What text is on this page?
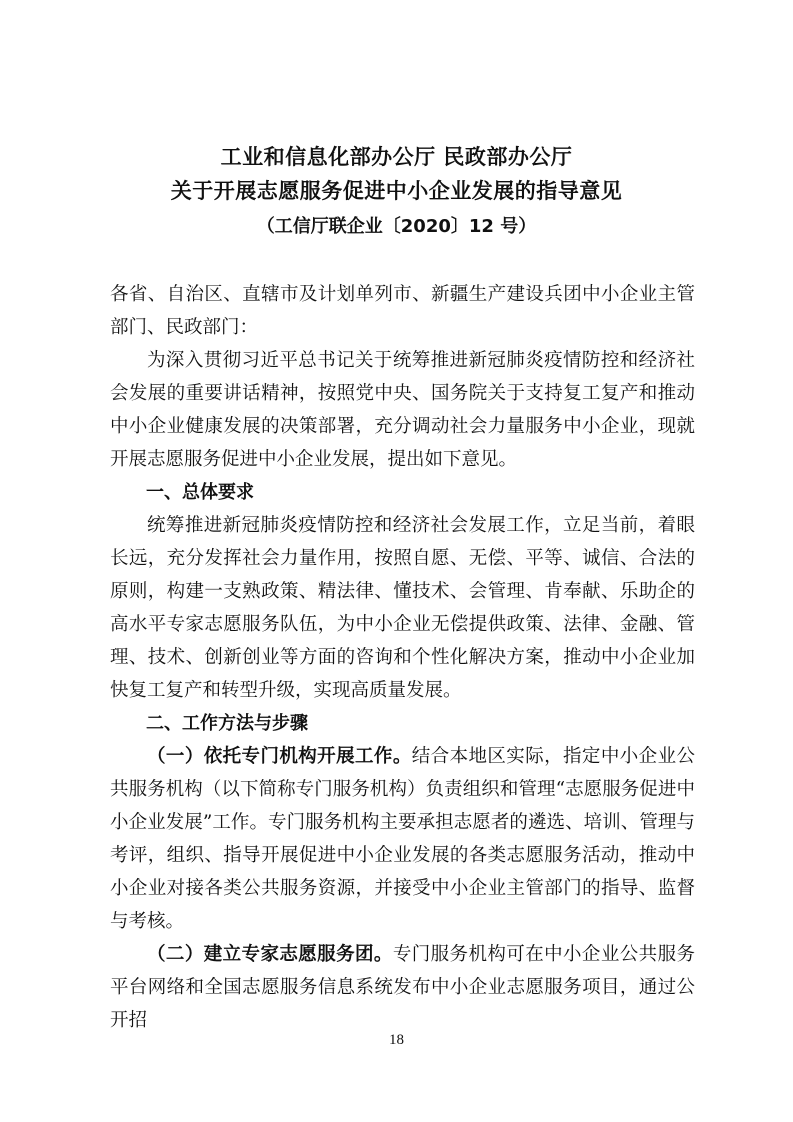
工业和信息化部办公厅 民政部办公厅
关于开展志愿服务促进中小企业发展的指导意见
（工信厅联企业〔2020〕12 号）

各省、自治区、直辖市及计划单列市、新疆生产建设兵团中小企业主管部门、民政部门：

为深入贯彻习近平总书记关于统筹推进新冠肺炎疫情防控和经济社会发展的重要讲话精神，按照党中央、国务院关于支持复工复产和推动中小企业健康发展的决策部署，充分调动社会力量服务中小企业，现就开展志愿服务促进中小企业发展，提出如下意见。

一、总体要求

统筹推进新冠肺炎疫情防控和经济社会发展工作，立足当前，着眼长远，充分发挥社会力量作用，按照自愿、无偿、平等、诚信、合法的原则，构建一支熟政策、精法律、懂技术、会管理、肯奉献、乐助企的高水平专家志愿服务队伍，为中小企业无偿提供政策、法律、金融、管理、技术、创新创业等方面的咨询和个性化解决方案，推动中小企业加快复工复产和转型升级，实现高质量发展。

二、工作方法与步骤

（一）依托专门机构开展工作。结合本地区实际，指定中小企业公共服务机构（以下简称专门服务机构）负责组织和管理“志愿服务促进中小企业发展”工作。专门服务机构主要承担志愿者的遴选、培训、管理与考评，组织、指导开展促进中小企业发展的各类志愿服务活动，推动中小企业对接各类公共服务资源，并接受中小企业主管部门的指导、监督与考核。

（二）建立专家志愿服务团。专门服务机构可在中小企业公共服务平台网络和全国志愿服务信息系统发布中小企业志愿服务项目，通过公开招

18
